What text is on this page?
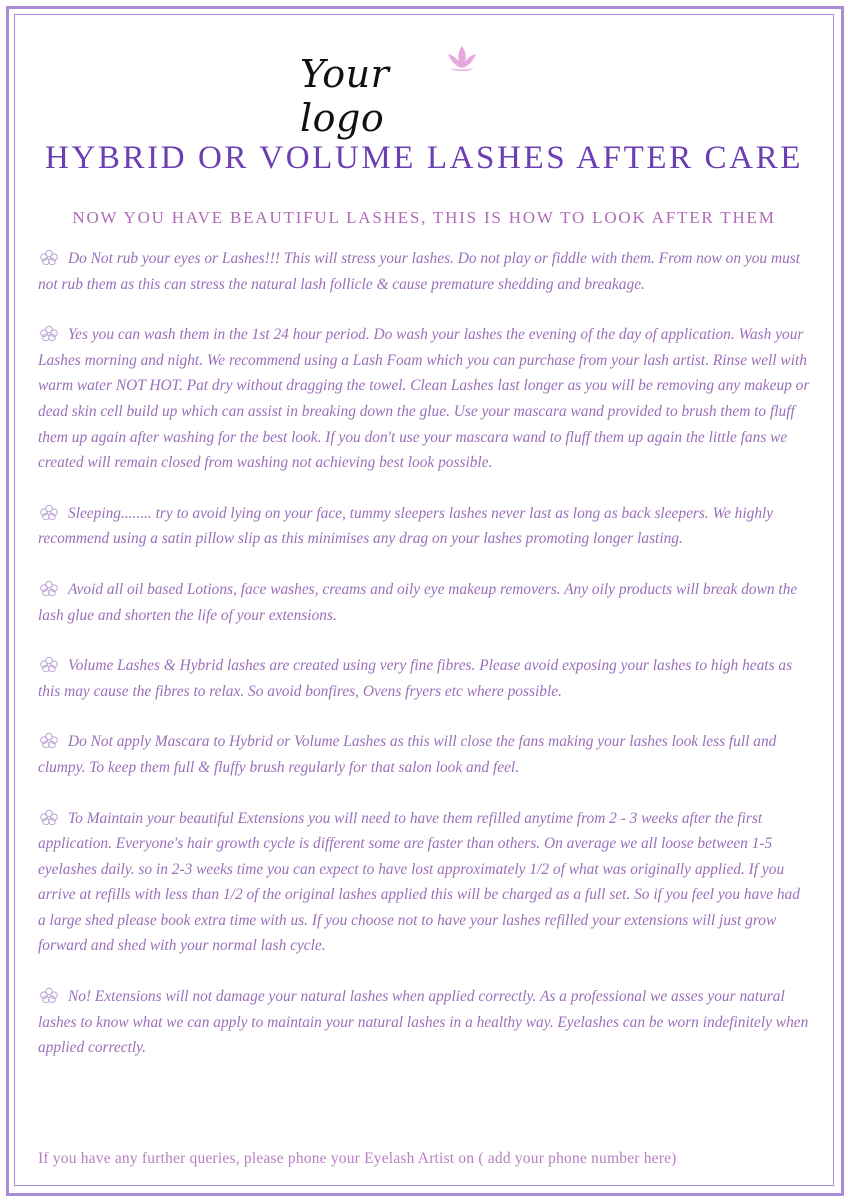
Your logo
HYBRID OR VOLUME LASHES AFTER CARE
NOW YOU HAVE BEAUTIFUL LASHES, THIS IS HOW TO LOOK AFTER THEM

Do Not rub your eyes or Lashes!!! This will stress your lashes. Do not play or fiddle with them. From now on you must not rub them as this can stress the natural lash follicle & cause premature shedding and breakage.

Yes you can wash them in the 1st 24 hour period. Do wash your lashes the evening of the day of application. Wash your Lashes morning and night. We recommend using a Lash Foam which you can purchase from your lash artist. Rinse well with warm water NOT HOT. Pat dry without dragging the towel. Clean Lashes last longer as you will be removing any makeup or dead skin cell build up which can assist in breaking down the glue. Use your mascara wand provided to brush them to fluff them up again after washing for the best look. If you don't use your mascara wand to fluff them up again the little fans we created will remain closed from washing not achieving best look possible.

Sleeping........ try to avoid lying on your face, tummy sleepers lashes never last as long as back sleepers. We highly recommend using a satin pillow slip as this minimises any drag on your lashes promoting longer lasting.

Avoid all oil based Lotions, face washes, creams and oily eye makeup removers. Any oily products will break down the lash glue and shorten the life of your extensions.

Volume Lashes & Hybrid lashes are created using very fine fibres. Please avoid exposing your lashes to high heats as this may cause the fibres to relax. So avoid bonfires, Ovens fryers etc where possible.

Do Not apply Mascara to Hybrid or Volume Lashes as this will close the fans making your lashes look less full and clumpy. To keep them full & fluffy brush regularly for that salon look and feel.

To Maintain your beautiful Extensions you will need to have them refilled anytime from 2 - 3 weeks after the first application. Everyone's hair growth cycle is different some are faster than others. On average we all loose between 1-5 eyelashes daily. so in 2-3 weeks time you can expect to have lost approximately 1/2 of what was originally applied. If you arrive at refills with less than 1/2 of the original lashes applied this will be charged as a full set. So if you feel you have had a large shed please book extra time with us. If you choose not to have your lashes refilled your extensions will just grow forward and shed with your normal lash cycle.

No! Extensions will not damage your natural lashes when applied correctly. As a professional we asses your natural lashes to know what we can apply to maintain your natural lashes in a healthy way. Eyelashes can be worn indefinitely when applied correctly.

If you have any further queries, please phone your Eyelash Artist on ( add your phone number here)
